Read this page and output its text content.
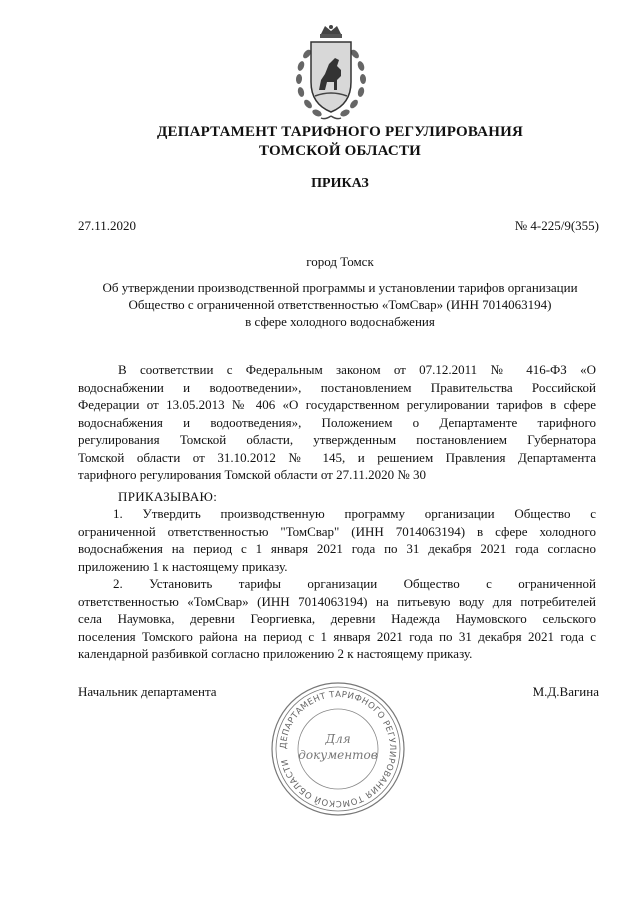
ДЕПАРТАМЕНТ ТАРИФНОГО РЕГУЛИРОВАНИЯ
ТОМСКОЙ ОБЛАСТИ
ПРИКАЗ
27.11.2020	№ 4-225/9(355)
город Томск
Об утверждении производственной программы и установлении тарифов организации
Общество с ограниченной ответственностью «ТомСвар» (ИНН 7014063194)
в сфере холодного водоснабжения
В соответствии с Федеральным законом от 07.12.2011 № 416-ФЗ «О
водоснабжении и водоотведении», постановлением Правительства Российской
Федерации от 13.05.2013 № 406 «О государственном регулировании тарифов в сфере
водоснабжения и водоотведения», Положением о Департаменте тарифного
регулирования Томской области, утвержденным постановлением Губернатора
Томской области от 31.10.2012 № 145, и решением Правления Департамента
тарифного регулирования Томской области от 27.11.2020 № 30
ПРИКАЗЫВАЮ:
1. Утвердить производственную программу организации Общество с
ограниченной ответственностью "ТомСвар" (ИНН 7014063194) в сфере холодного
водоснабжения на период с 1 января 2021 года по 31 декабря 2021 года согласно
приложению 1 к настоящему приказу.
2. Установить тарифы организации Общество с ограниченной
ответственностью «ТомСвар» (ИНН 7014063194) на питьевую воду для потребителей
села Наумовка, деревни Георгиевка, деревни Надежда Наумовского сельского
поселения Томского района на период с 1 января 2021 года по 31 декабря 2021 года с
календарной разбивкой согласно приложению 2 к настоящему приказу.
Начальник департамента	М.Д.Вагина
ДЕПАРТАМЕНТ ТАРИФНОГО РЕГУЛИРОВАНИЯ ТОМСКОЙ ОБЛАСТИ
Для
документов
